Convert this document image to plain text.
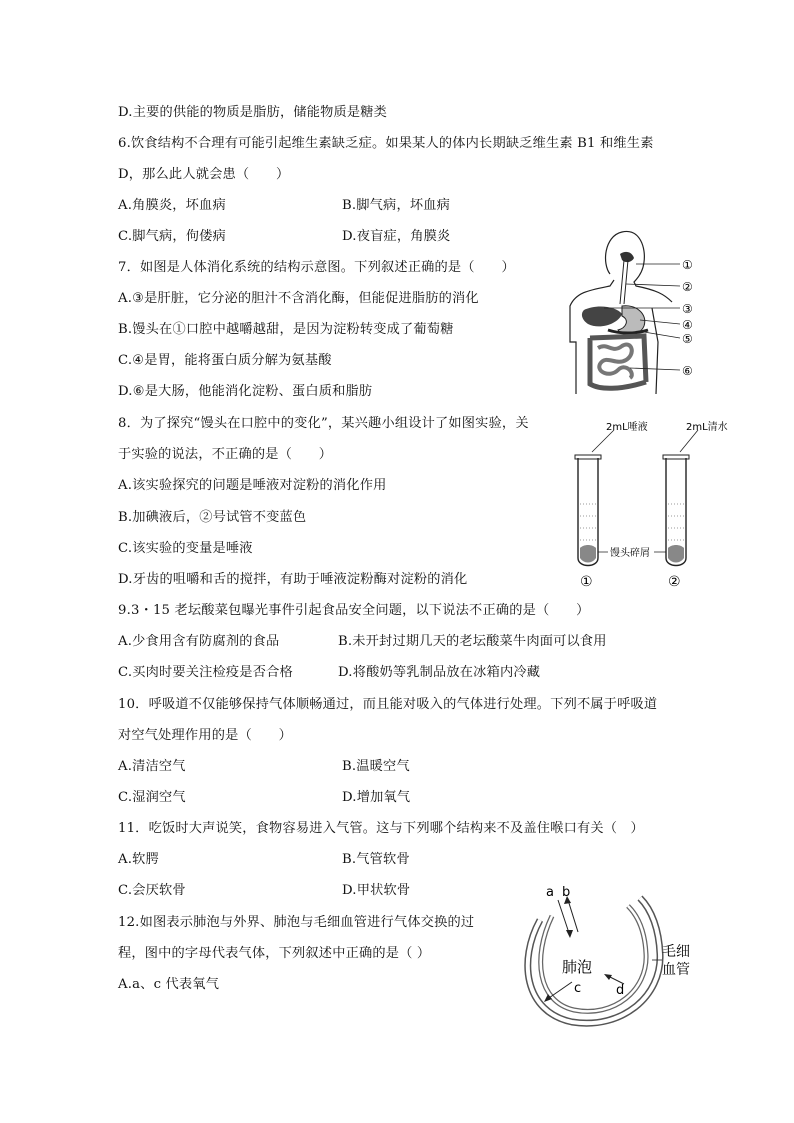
D.主要的供能的物质是脂肪，储能物质是糖类
6.饮食结构不合理有可能引起维生素缺乏症。如果某人的体内长期缺乏维生素 B1 和维生素
D，那么此人就会患（　　）
A.角膜炎，坏血病	B.脚气病，坏血病
C.脚气病，佝偻病	D.夜盲症，角膜炎
7．如图是人体消化系统的结构示意图。下列叙述正确的是（　　）
A.③是肝脏，它分泌的胆汁不含消化酶，但能促进脂肪的消化
B.馒头在①口腔中越嚼越甜，是因为淀粉转变成了葡萄糖
C.④是胃，能将蛋白质分解为氨基酸
D.⑥是大肠，他能消化淀粉、蛋白质和脂肪
8．为了探究“馒头在口腔中的变化”，某兴趣小组设计了如图实验，关
于实验的说法，不正确的是（　　）
A.该实验探究的问题是唾液对淀粉的消化作用
B.加碘液后，②号试管不变蓝色
C.该实验的变量是唾液
D.牙齿的咀嚼和舌的搅拌，有助于唾液淀粉酶对淀粉的消化
9.3・15 老坛酸菜包曝光事件引起食品安全问题，以下说法不正确的是（　　）
A.少食用含有防腐剂的食品	B.未开封过期几天的老坛酸菜牛肉面可以食用
C.买肉时要关注检疫是否合格	D.将酸奶等乳制品放在冰箱内冷藏
10．呼吸道不仅能够保持气体顺畅通过，而且能对吸入的气体进行处理。下列不属于呼吸道
对空气处理作用的是（　　）
A.清洁空气	B.温暖空气
C.湿润空气	D.增加氧气
11．吃饭时大声说笑，食物容易进入气管。这与下列哪个结构来不及盖住喉口有关（　）
A.软腭	B.气管软骨
C.会厌软骨	D.甲状软骨
12.如图表示肺泡与外界、肺泡与毛细血管进行气体交换的过
程，图中的字母代表气体，下列叙述中正确的是（ ）
A.a、c 代表氧气
①
②
③
④
⑤
⑥
2mL唾液	2mL清水
馒头碎屑
①	②
a b
c	d
肺泡
毛细
血管
